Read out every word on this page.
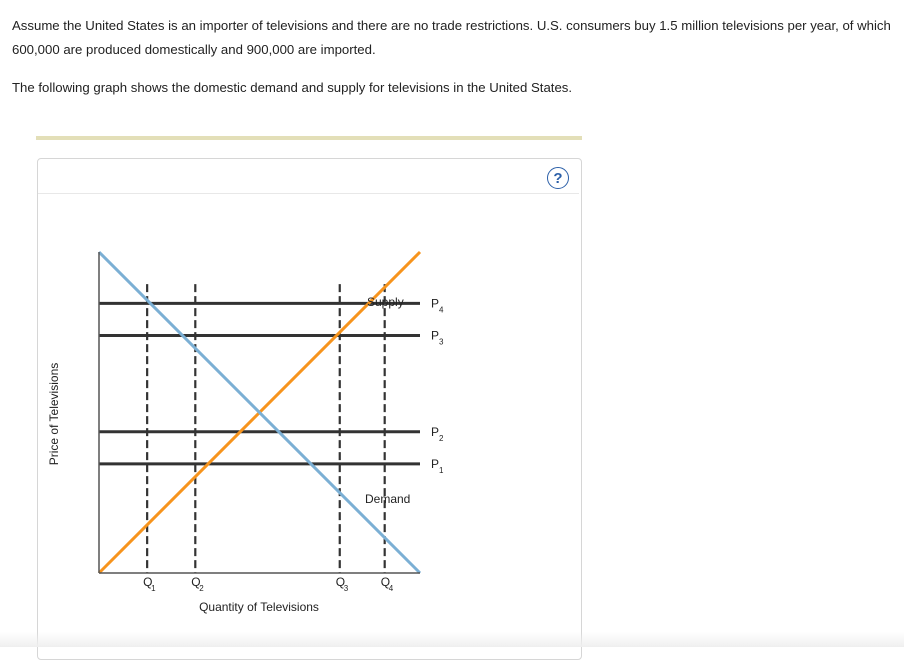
Assume the United States is an importer of televisions and there are no trade restrictions. U.S. consumers buy 1.5 million televisions per year, of which 600,000 are produced domestically and 900,000 are imported.

The following graph shows the domestic demand and supply for televisions in the United States.

?
P 4
P 3
P 2
P 1
Q
1	Q
2	Q
3	Q
4
Supply
Demand
Quantity of Televisions
Price of Televisions
